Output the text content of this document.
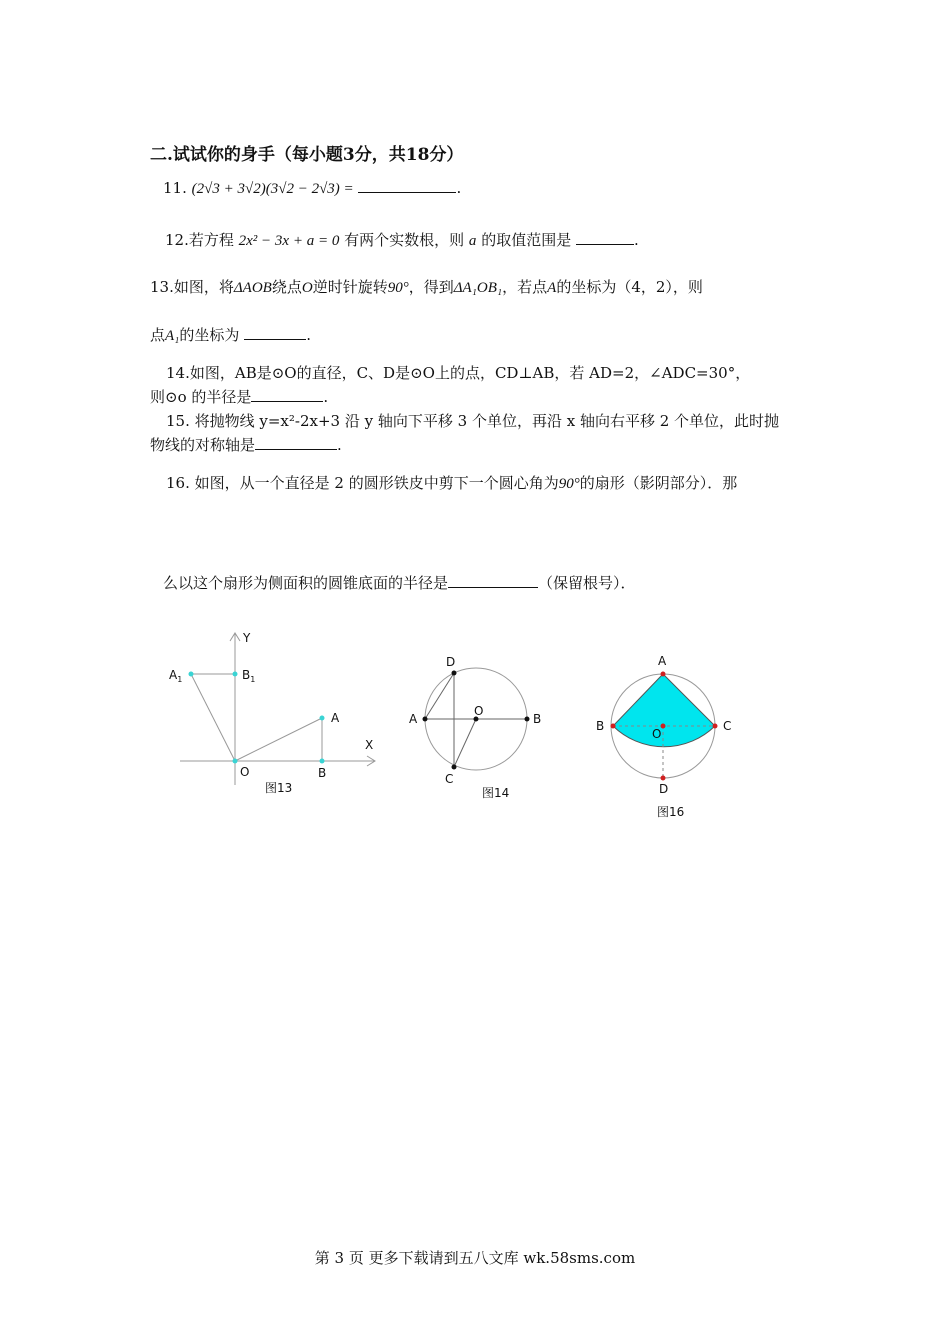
二.试试你的身手（每小题3分，共18分）
11. (2√3 + 3√2)(3√2 − 2√3) =	.
12.若方程 2x² − 3x + a = 0 有两个实数根，则 a 的取值范围是	.
13.如图，将ΔAOB绕点O逆时针旋转90°，得到ΔA₁OB₁，若点A的坐标为（4，2），则
点A₁的坐标为	.
14.如图，AB是⊙O的直径，C、D是⊙O上的点，CD⊥AB，若 AD=2，∠ADC=30°，
则⊙o 的半径是	.
15. 将抛物线 y=x²-2x+3 沿 y 轴向下平移 3 个单位，再沿 x 轴向右平移 2 个单位，此时抛
物线的对称轴是	.
16. 如图，从一个直径是 2 的圆形铁皮中剪下一个圆心角为90°的扇形（影阴部分）．那
么以这个扇形为侧面积的圆锥底面的半径是	（保留根号）．
Y
X
$A_1$	$B_1$
A
O	B
图13
D
A
O
B
C
图14
A
B
O
C
D
图16
第 3 页 更多下载请到五八文库 wk.58sms.com
